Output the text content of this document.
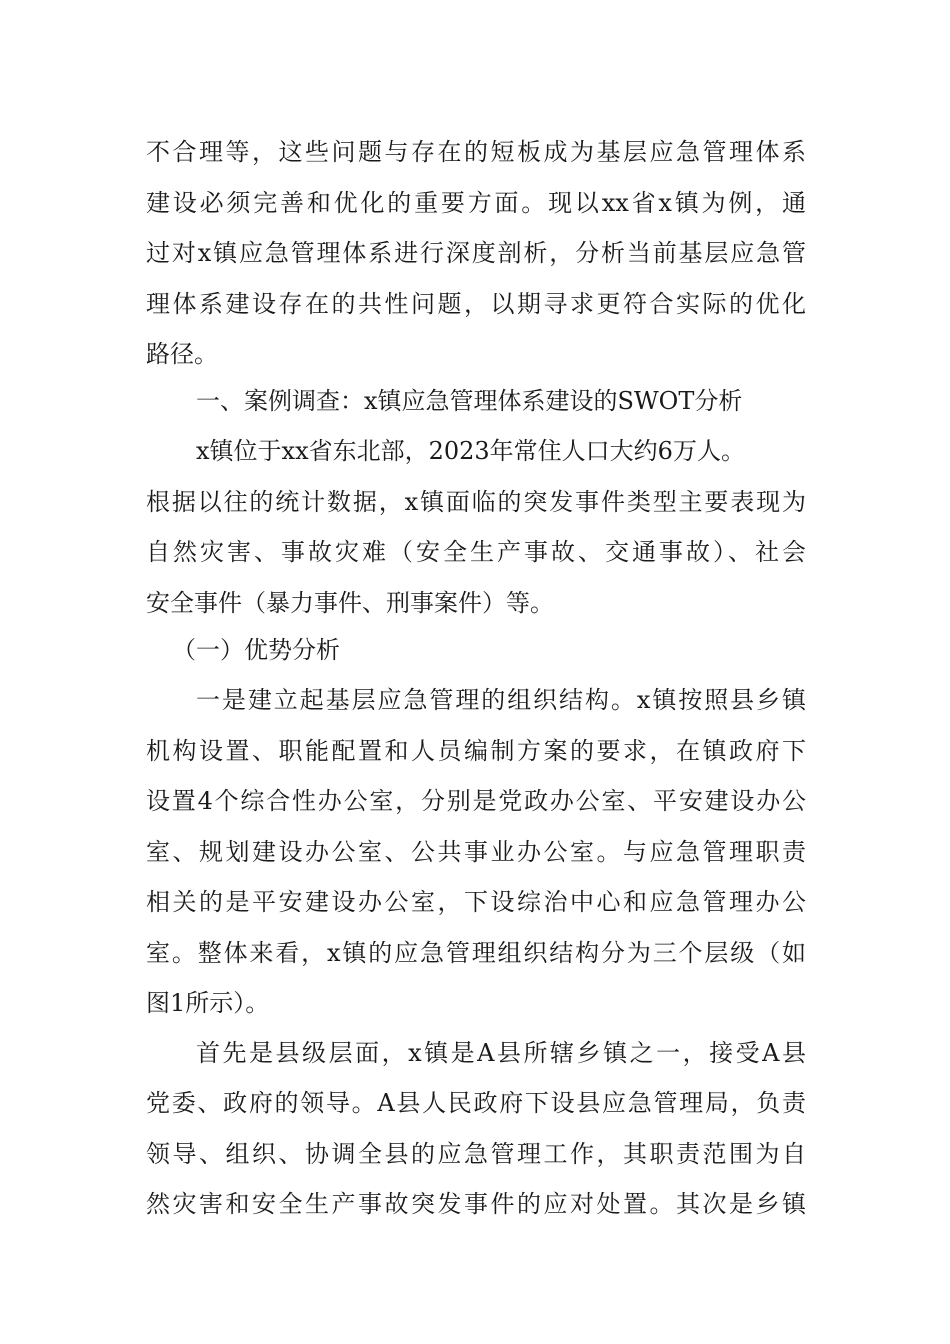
不合理等，这些问题与存在的短板成为基层应急管理体系
建设必须完善和优化的重要方面。现以xx省x镇为例，通
过对x镇应急管理体系进行深度剖析，分析当前基层应急管
理体系建设存在的共性问题，以期寻求更符合实际的优化
路径。
一、案例调查：x镇应急管理体系建设的SWOT分析
x镇位于xx省东北部，2023年常住人口大约6万人。
根据以往的统计数据，x镇面临的突发事件类型主要表现为
自然灾害、事故灾难（安全生产事故、交通事故）、社会
安全事件（暴力事件、刑事案件）等。
（一）优势分析
一是建立起基层应急管理的组织结构。x镇按照县乡镇
机构设置、职能配置和人员编制方案的要求，在镇政府下
设置4个综合性办公室，分别是党政办公室、平安建设办公
室、规划建设办公室、公共事业办公室。与应急管理职责
相关的是平安建设办公室，下设综治中心和应急管理办公
室。整体来看，x镇的应急管理组织结构分为三个层级（如
图1所示）。
首先是县级层面，x镇是A县所辖乡镇之一，接受A县
党委、政府的领导。A县人民政府下设县应急管理局，负责
领导、组织、协调全县的应急管理工作，其职责范围为自
然灾害和安全生产事故突发事件的应对处置。其次是乡镇
